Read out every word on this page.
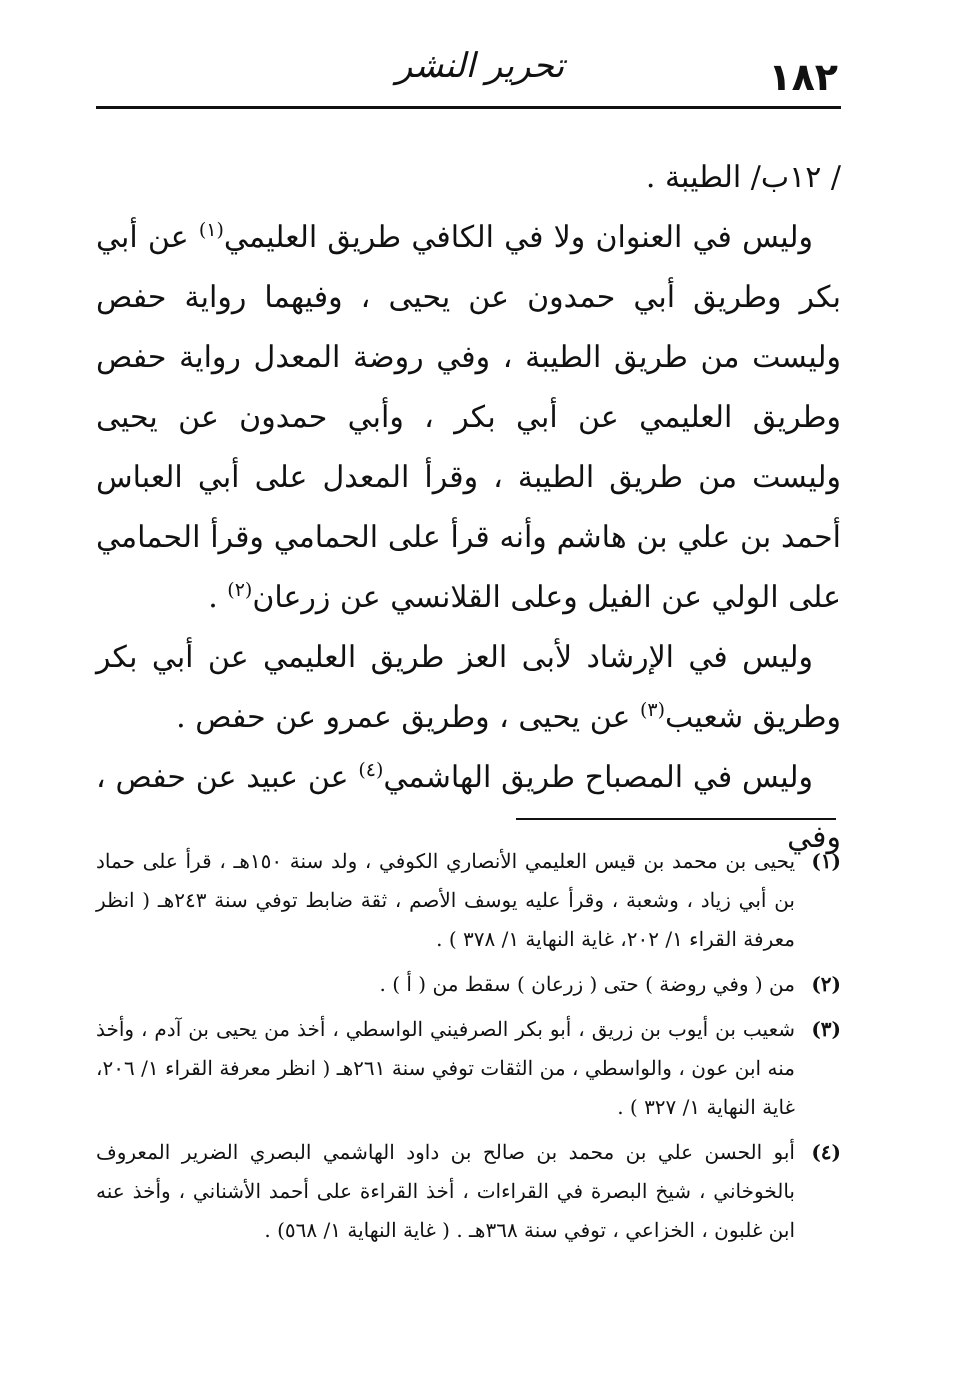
١٨٢
تحرير النشر

/ ١٢ب/ الطيبة .

وليس في العنوان ولا في الكافي طريق العليمي$^{(١)}$ عن أبي بكر وطريق أبي حمدون عن يحيى ، وفيهما رواية حفص وليست من طريق الطيبة ، وفي روضة المعدل رواية حفص وطريق العليمي عن أبي بكر ، وأبي حمدون عن يحيى وليست من طريق الطيبة ، وقرأ المعدل على أبي العباس أحمد بن علي بن هاشم وأنه قرأ على الحمامي وقرأ الحمامي على الولي عن الفيل وعلى القلانسي عن زرعان$^{(٢)}$ .

وليس في الإرشاد لأبى العز طريق العليمي عن أبي بكر وطريق شعيب$^{(٣)}$ عن يحيى ، وطريق عمرو عن حفص .

وليس في المصباح طريق الهاشمي$^{(٤)}$ عن عبيد عن حفص ، وفي

(١)
يحيى بن محمد بن قيس العليمي الأنصاري الكوفي ، ولد سنة ١٥٠هـ ، قرأ على حماد بن أبي زياد ، وشعبة ، وقرأ عليه يوسف الأصم ، ثقة ضابط توفي سنة ٢٤٣هـ ( انظر معرفة القراء ١/ ٢٠٢، غاية النهاية ١/ ٣٧٨ ) .
(٢)
من ( وفي روضة ) حتى ( زرعان ) سقط من ( أ ) .
(٣)
شعيب بن أيوب بن زريق ، أبو بكر الصرفيني الواسطي ، أخذ من يحيى بن آدم ، وأخذ منه ابن عون ، والواسطي ، من الثقات توفي سنة ٢٦١هـ ( انظر معرفة القراء ١/ ٢٠٦، غاية النهاية ١/ ٣٢٧ ) .
(٤)
أبو الحسن علي بن محمد بن صالح بن داود الهاشمي البصري الضرير المعروف بالخوخاني ، شيخ البصرة في القراءات ، أخذ القراءة على أحمد الأشناني ، وأخذ عنه ابن غلبون ، الخزاعي ، توفي سنة ٣٦٨هـ . ( غاية النهاية ١/ ٥٦٨) .
